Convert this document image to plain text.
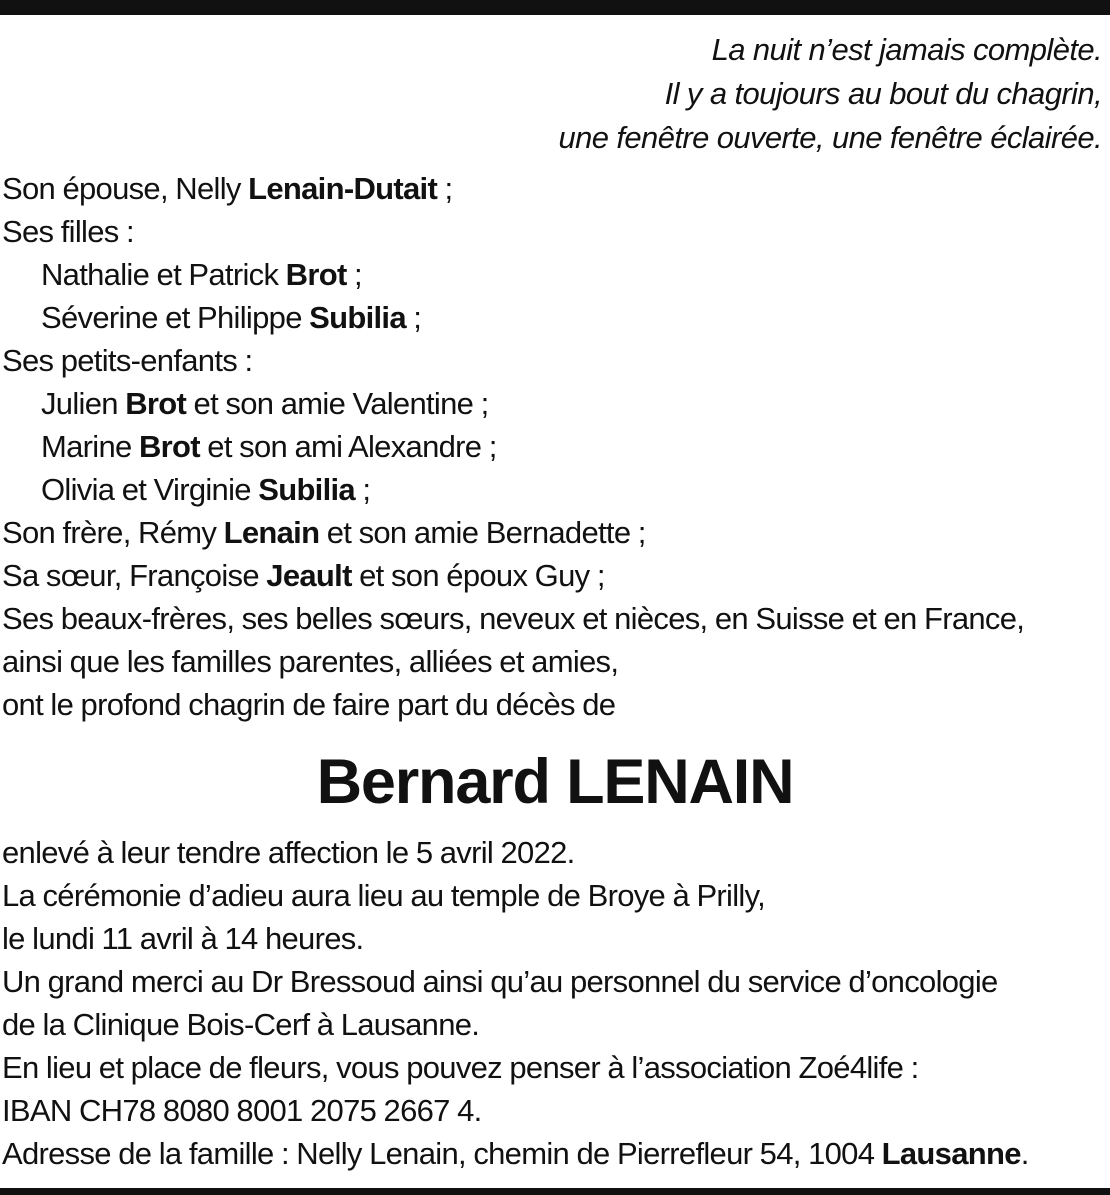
La nuit n’est jamais complète.
Il y a toujours au bout du chagrin,
une fenêtre ouverte, une fenêtre éclairée.
Son épouse, Nelly Lenain-Dutait ;
Ses filles :
Nathalie et Patrick Brot ;
Séverine et Philippe Subilia ;
Ses petits-enfants :
Julien Brot et son amie Valentine ;
Marine Brot et son ami Alexandre ;
Olivia et Virginie Subilia ;
Son frère, Rémy Lenain et son amie Bernadette ;
Sa sœur, Françoise Jeault et son époux Guy ;
Ses beaux-frères, ses belles sœurs, neveux et nièces, en Suisse et en France,
ainsi que les familles parentes, alliées et amies,
ont le profond chagrin de faire part du décès de
Bernard LENAIN
enlevé à leur tendre affection le 5 avril 2022.
La cérémonie d’adieu aura lieu au temple de Broye à Prilly,
le lundi 11 avril à 14 heures.
Un grand merci au Dr Bressoud ainsi qu’au personnel du service d’oncologie
de la Clinique Bois-Cerf à Lausanne.
En lieu et place de fleurs, vous pouvez penser à l’association Zoé4life :
IBAN CH78 8080 8001 2075 2667 4.
Adresse de la famille : Nelly Lenain, chemin de Pierrefleur 54, 1004 Lausanne.
